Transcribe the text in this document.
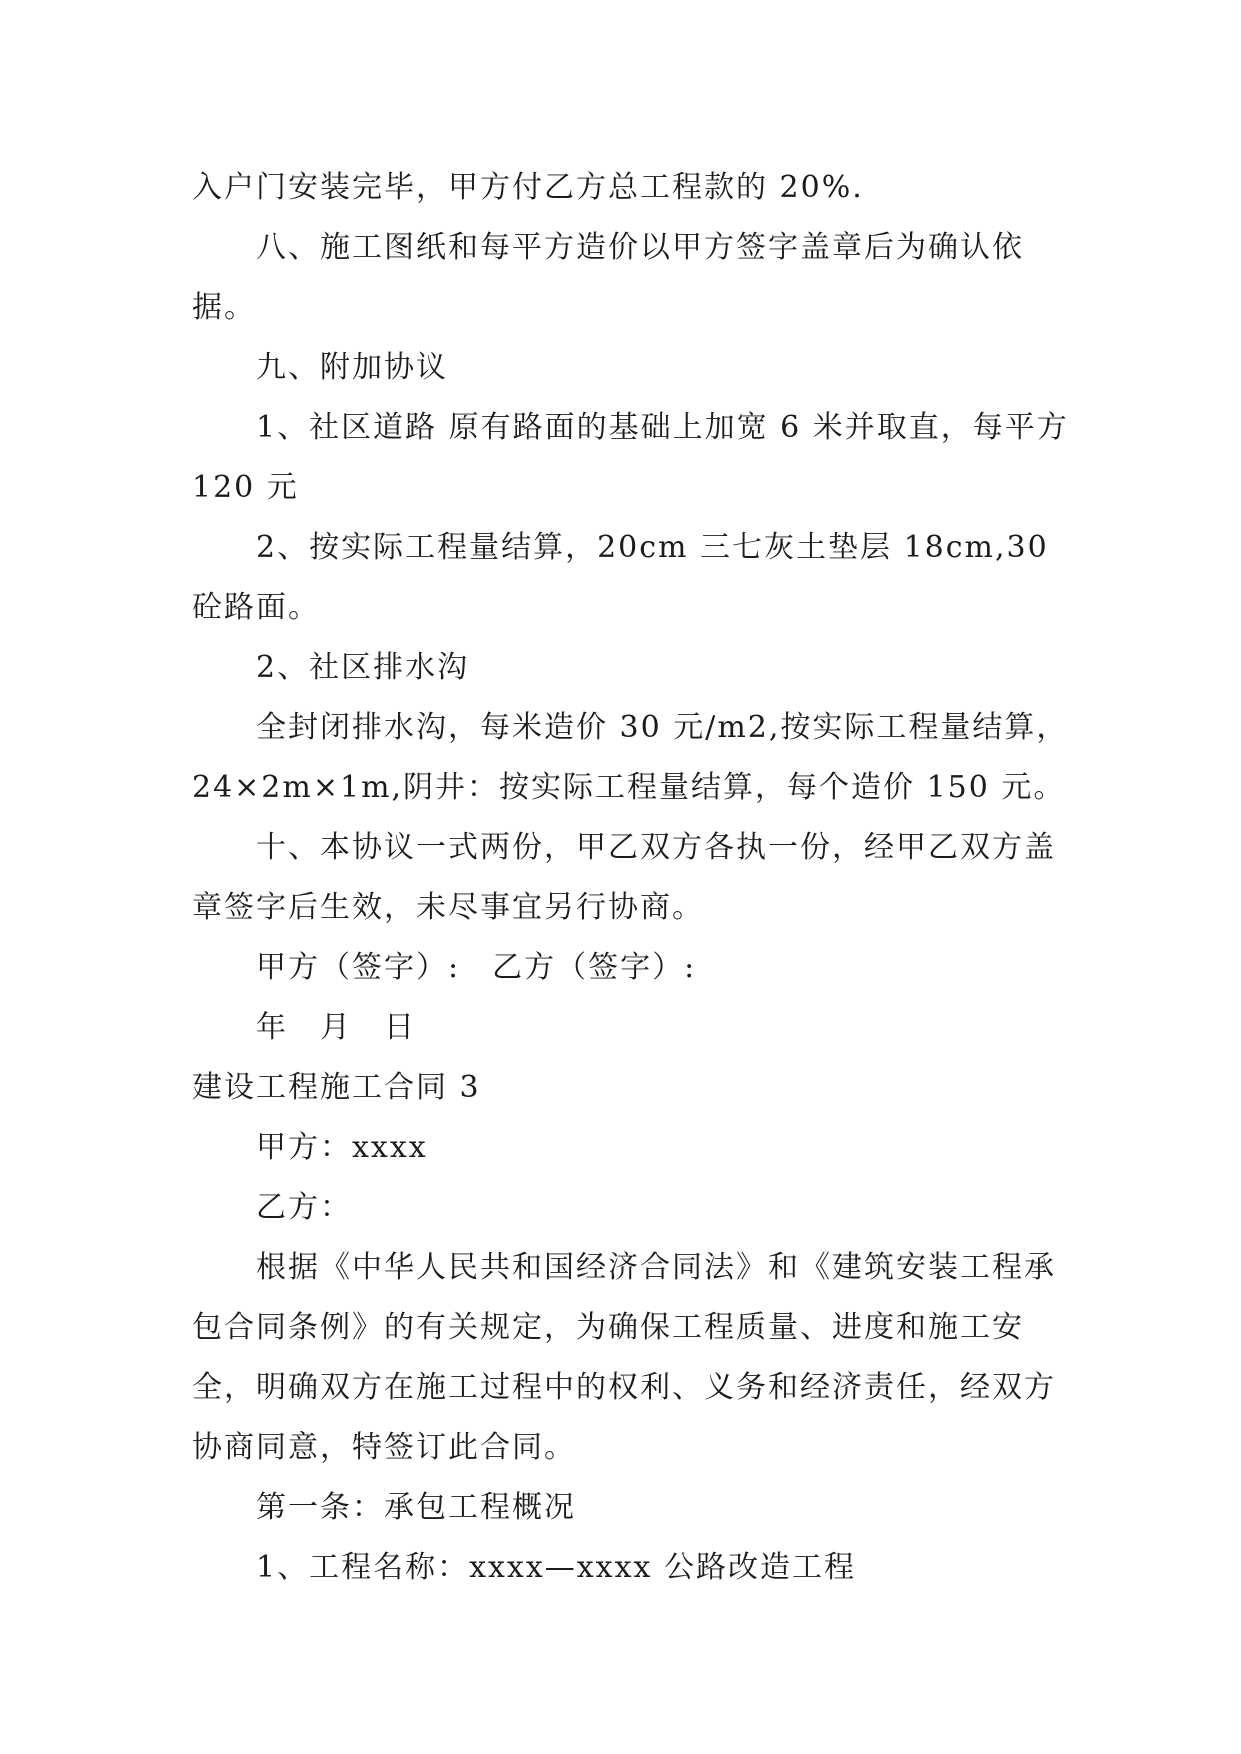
入户门安装完毕，甲方付乙方总工程款的 20%.

八、施工图纸和每平方造价以甲方签字盖章后为确认依据。

九、附加协议

1、社区道路 原有路面的基础上加宽 6 米并取直，每平方 120 元

2、按实际工程量结算，20cm 三七灰土垫层 18cm,30 砼路面。

2、社区排水沟

全封闭排水沟，每米造价 30 元/m2,按实际工程量结算，24×2m×1m,阴井：按实际工程量结算，每个造价 150 元。

十、本协议一式两份，甲乙双方各执一份，经甲乙双方盖章签字后生效，未尽事宜另行协商。

甲方（签字）:　乙方（签字）:

年　月　日

建设工程施工合同 3

甲方：xxxx

乙方：

根据《中华人民共和国经济合同法》和《建筑安装工程承包合同条例》的有关规定，为确保工程质量、进度和施工安全，明确双方在施工过程中的权利、义务和经济责任，经双方协商同意，特签订此合同。

第一条：承包工程概况

1、工程名称：xxxx—xxxx 公路改造工程
